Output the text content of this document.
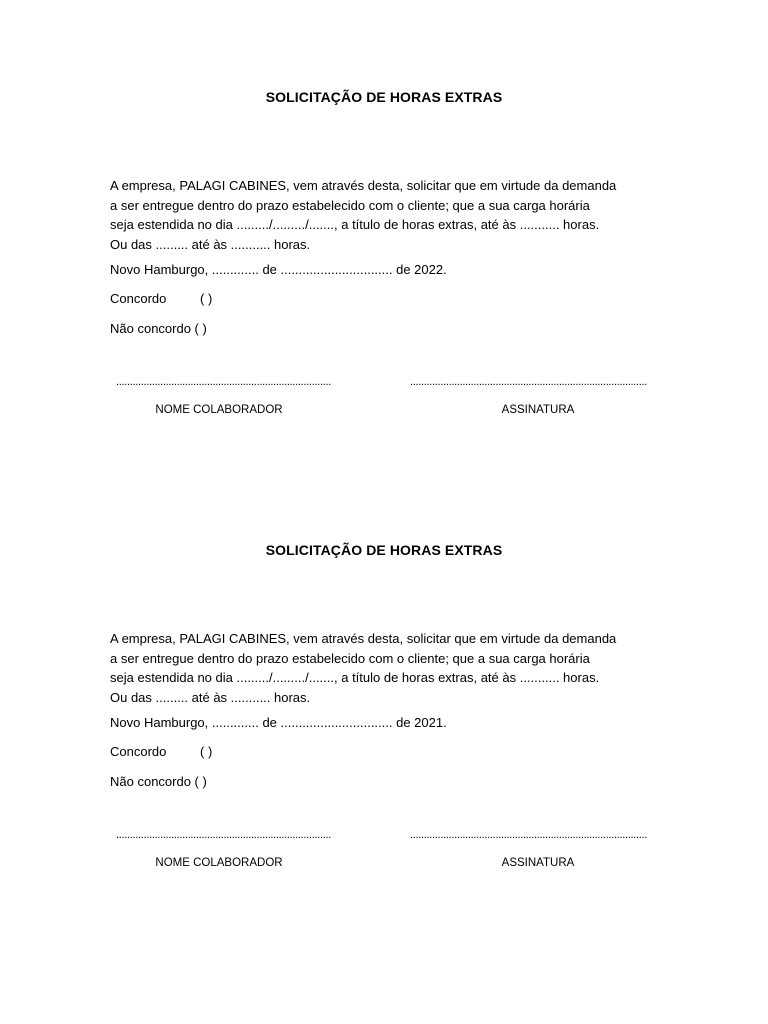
SOLICITAÇÃO DE HORAS EXTRAS
A empresa, PALAGI CABINES, vem através desta, solicitar que em virtude da demanda
a ser entregue dentro do prazo estabelecido com o cliente; que a sua carga horária
seja estendida no dia ........./........./......., a título de horas extras, até às ........... horas.
Ou das ......... até às ........... horas.
Novo Hamburgo, ............. de ............................... de 2022.
Concordo	( )
Não concordo ( )
..............................................................................	......................................................................................
NOME COLABORADOR	ASSINATURA
SOLICITAÇÃO DE HORAS EXTRAS
A empresa, PALAGI CABINES, vem através desta, solicitar que em virtude da demanda
a ser entregue dentro do prazo estabelecido com o cliente; que a sua carga horária
seja estendida no dia ........./........./......., a título de horas extras, até às ........... horas.
Ou das ......... até às ........... horas.
Novo Hamburgo, ............. de ............................... de 2021.
Concordo	( )
Não concordo ( )
..............................................................................	......................................................................................
NOME COLABORADOR	ASSINATURA
